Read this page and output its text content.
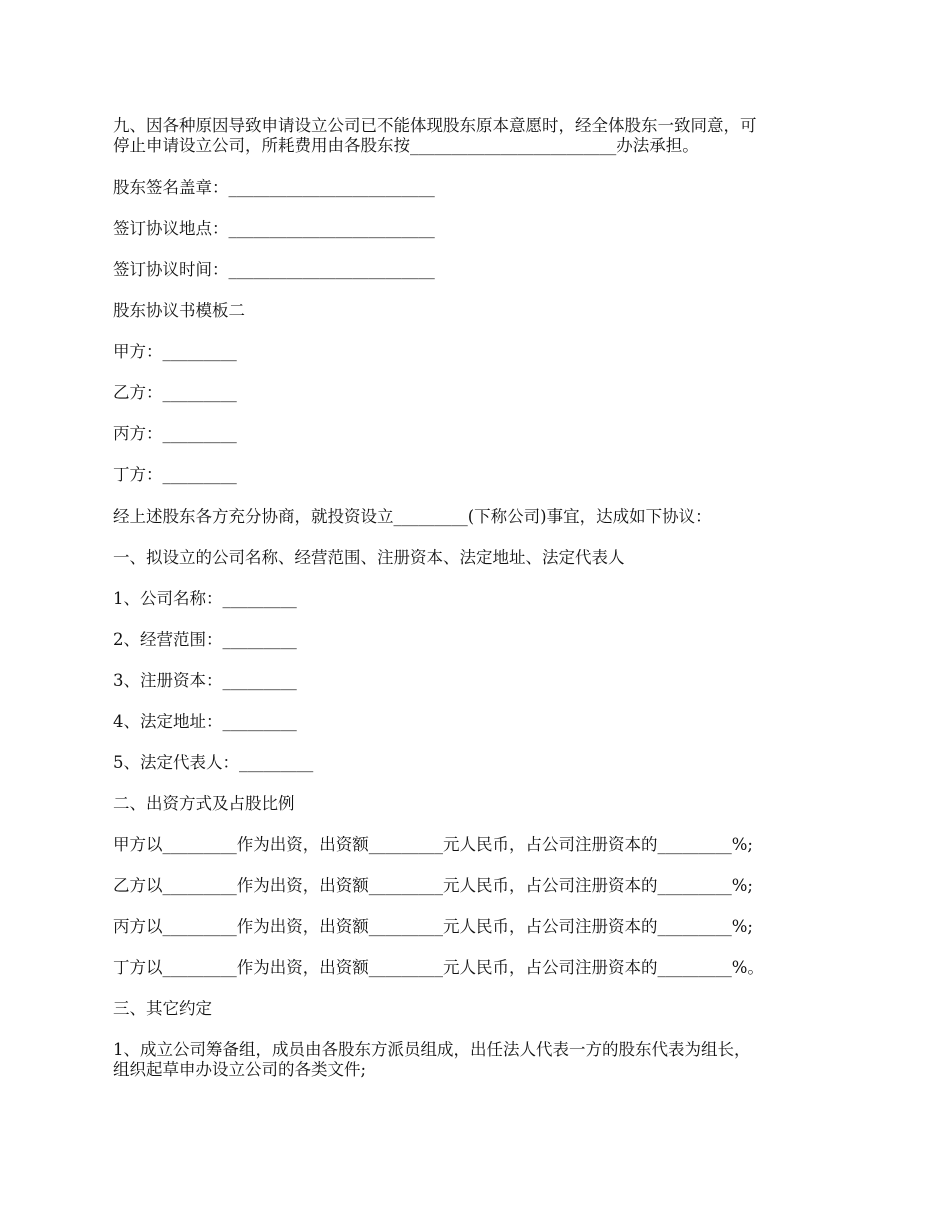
九、因各种原因导致申请设立公司已不能体现股东原本意愿时，经全体股东一致同意，可
停止申请设立公司，所耗费用由各股东按_________________________办法承担。
股东签名盖章：_________________________
签订协议地点：_________________________
签订协议时间：_________________________
股东协议书模板二
甲方：_________
乙方：_________
丙方：_________
丁方：_________
经上述股东各方充分协商，就投资设立_________(下称公司)事宜，达成如下协议：
一、拟设立的公司名称、经营范围、注册资本、法定地址、法定代表人
1、公司名称：_________
2、经营范围：_________
3、注册资本：_________
4、法定地址：_________
5、法定代表人：_________
二、出资方式及占股比例
甲方以_________作为出资，出资额_________元人民币，占公司注册资本的_________%;
乙方以_________作为出资，出资额_________元人民币，占公司注册资本的_________%;
丙方以_________作为出资，出资额_________元人民币，占公司注册资本的_________%;
丁方以_________作为出资，出资额_________元人民币，占公司注册资本的_________%。
三、其它约定
1、成立公司筹备组，成员由各股东方派员组成，出任法人代表一方的股东代表为组长，
组织起草申办设立公司的各类文件;
